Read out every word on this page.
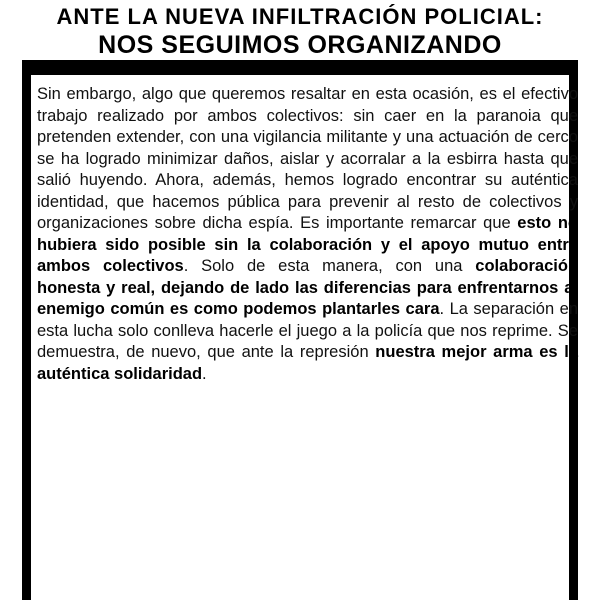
ANTE LA NUEVA INFILTRACIÓN POLICIAL:
NOS SEGUIMOS ORGANIZANDO

Sin embargo, algo que queremos resaltar en esta ocasión, es el efectivo trabajo realizado por ambos colectivos: sin caer en la paranoia que pretenden extender, con una vigilancia militante y una actuación de cerco se ha logrado minimizar daños, aislar y acorralar a la esbirra hasta que salió huyendo. Ahora, además, hemos logrado encontrar su auténtica identidad, que hacemos pública para prevenir al resto de colectivos y organizaciones sobre dicha espía. Es importante remarcar que esto no hubiera sido posible sin la colaboración y el apoyo mutuo entre ambos colectivos. Solo de esta manera, con una colaboración honesta y real, dejando de lado las diferencias para enfrentarnos al enemigo común es como podemos plantarles cara. La separación en esta lucha solo conlleva hacerle el juego a la policía que nos reprime. Se demuestra, de nuevo, que ante la represión nuestra mejor arma es la auténtica solidaridad.
